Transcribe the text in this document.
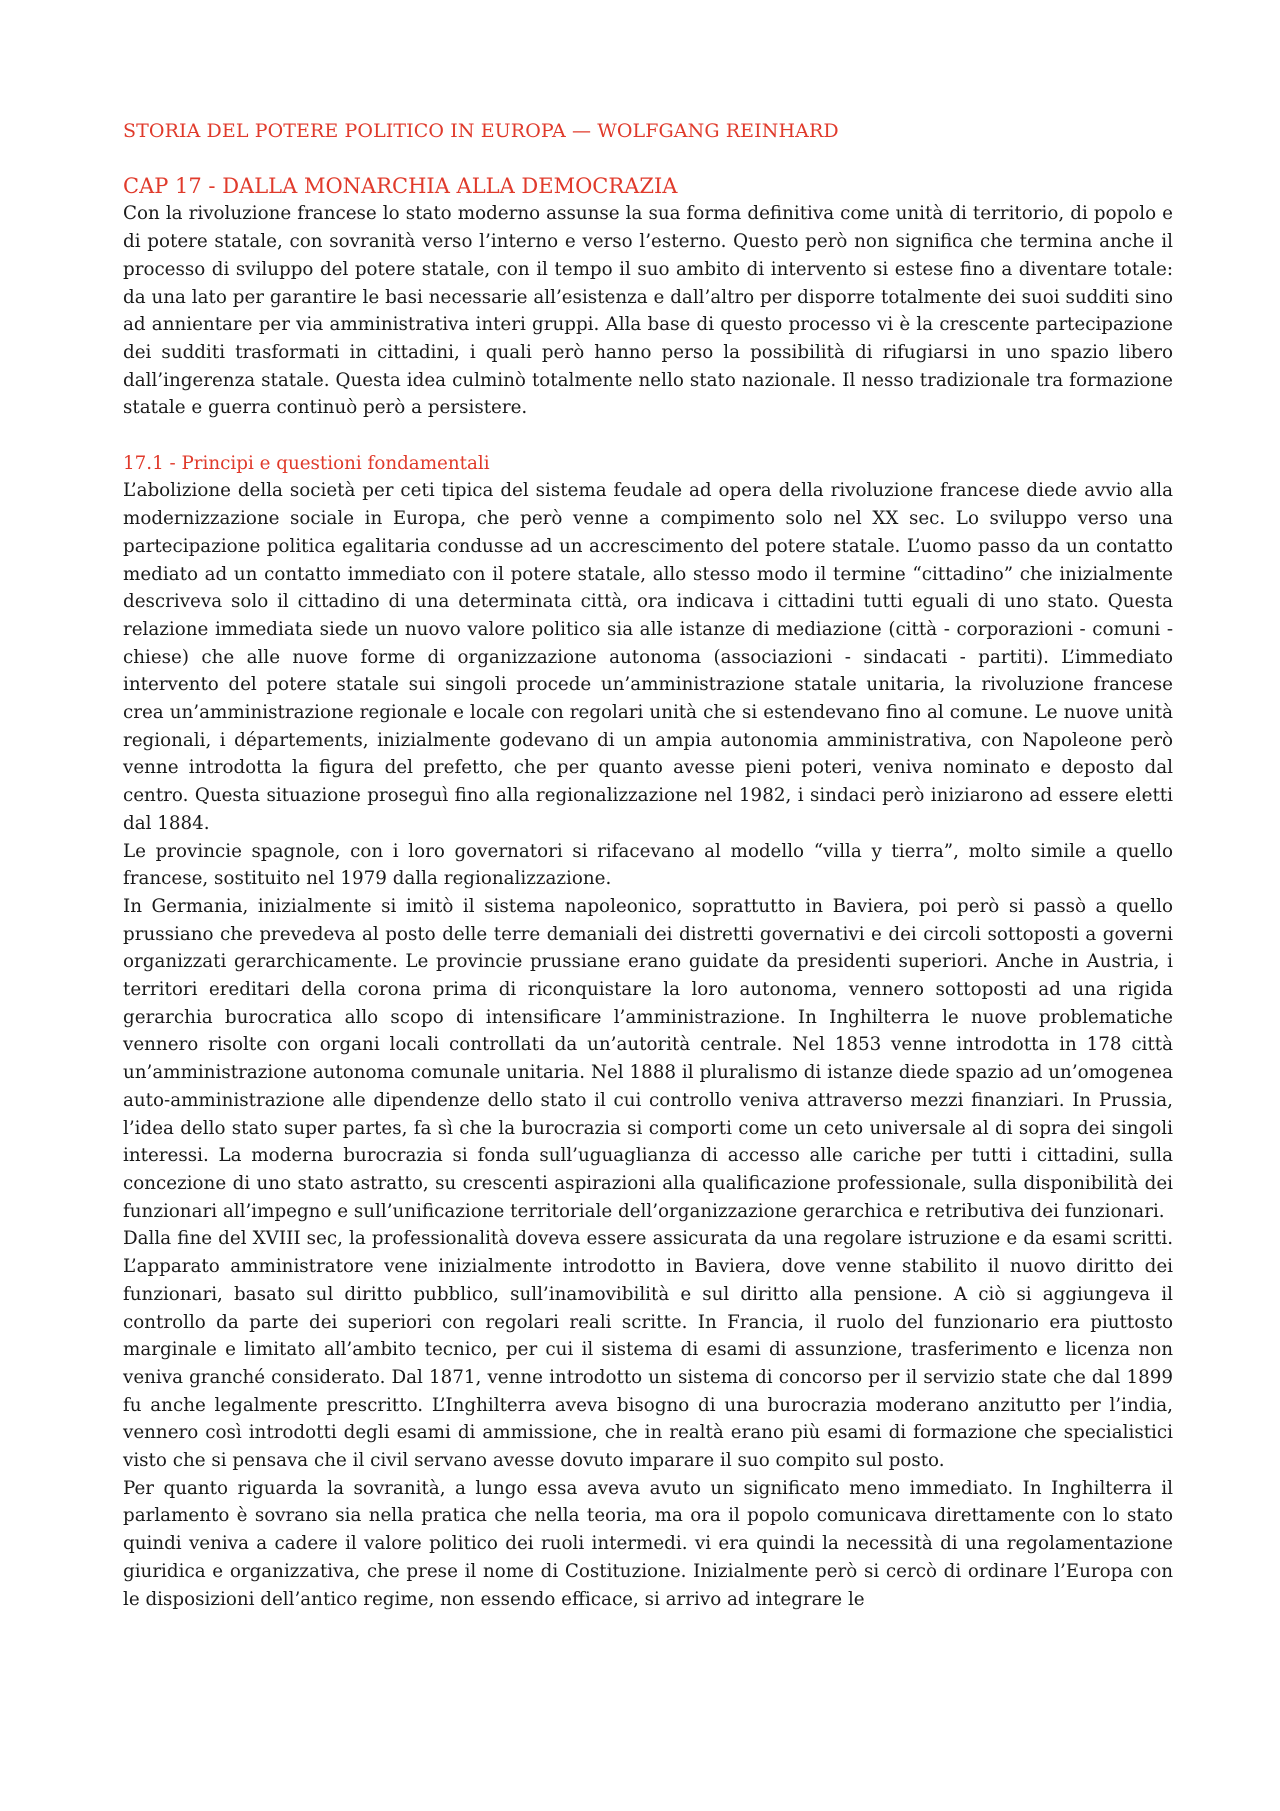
STORIA DEL POTERE POLITICO IN EUROPA — WOLFGANG REINHARD

CAP 17 - DALLA MONARCHIA ALLA DEMOCRAZIA

Con la rivoluzione francese lo stato moderno assunse la sua forma definitiva come unità di territorio, di popolo e di potere statale, con sovranità verso l’interno e verso l’esterno. Questo però non significa che termina anche il processo di sviluppo del potere statale, con il tempo il suo ambito di intervento si estese fino a diventare totale: da una lato per garantire le basi necessarie all’esistenza e dall’altro per disporre totalmente dei suoi sudditi sino ad annientare per via amministrativa interi gruppi. Alla base di questo processo vi è la crescente partecipazione dei sudditi trasformati in cittadini, i quali però hanno perso la possibilità di rifugiarsi in uno spazio libero dall’ingerenza statale. Questa idea culminò totalmente nello stato nazionale. Il nesso tradizionale tra formazione statale e guerra continuò però a persistere.

17.1 - Principi e questioni fondamentali

L’abolizione della società per ceti tipica del sistema feudale ad opera della rivoluzione francese diede avvio alla modernizzazione sociale in Europa, che però venne a compimento solo nel XX sec. Lo sviluppo verso una partecipazione politica egalitaria condusse ad un accrescimento del potere statale. L’uomo passo da un contatto mediato ad un contatto immediato con il potere statale, allo stesso modo il termine “cittadino” che inizialmente descriveva solo il cittadino di una determinata città, ora indicava i cittadini tutti eguali di uno stato. Questa relazione immediata siede un nuovo valore politico sia alle istanze di mediazione (città - corporazioni - comuni - chiese) che alle nuove forme di organizzazione autonoma (associazioni - sindacati - partiti). L’immediato intervento del potere statale sui singoli procede un’amministrazione statale unitaria, la rivoluzione francese crea un’amministrazione regionale e locale con regolari unità che si estendevano fino al comune. Le nuove unità regionali, i départements, inizialmente godevano di un ampia autonomia amministrativa, con Napoleone però venne introdotta la figura del prefetto, che per quanto avesse pieni poteri, veniva nominato e deposto dal centro. Questa situazione proseguì fino alla regionalizzazione nel 1982, i sindaci però iniziarono ad essere eletti dal 1884.

Le provincie spagnole, con i loro governatori si rifacevano al modello “villa y tierra”, molto simile a quello francese, sostituito nel 1979 dalla regionalizzazione.

In Germania, inizialmente si imitò il sistema napoleonico, soprattutto in Baviera, poi però si passò a quello prussiano che prevedeva al posto delle terre demaniali dei distretti governativi e dei circoli sottoposti a governi organizzati gerarchicamente. Le provincie prussiane erano guidate da presidenti superiori. Anche in Austria, i territori ereditari della corona prima di riconquistare la loro autonoma, vennero sottoposti ad una rigida gerarchia burocratica allo scopo di intensificare l’amministrazione. In Inghilterra le nuove problematiche vennero risolte con organi locali controllati da un’autorità centrale. Nel 1853 venne introdotta in 178 città un’amministrazione autonoma comunale unitaria. Nel 1888 il pluralismo di istanze diede spazio ad un’omogenea auto-amministrazione alle dipendenze dello stato il cui controllo veniva attraverso mezzi finanziari. In Prussia, l’idea dello stato super partes, fa sì che la burocrazia si comporti come un ceto universale al di sopra dei singoli interessi. La moderna burocrazia si fonda sull’uguaglianza di accesso alle cariche per tutti i cittadini, sulla concezione di uno stato astratto, su crescenti aspirazioni alla qualificazione professionale, sulla disponibilità dei funzionari all’impegno e sull’unificazione territoriale dell’organizzazione gerarchica e retributiva dei funzionari.

Dalla fine del XVIII sec, la professionalità doveva essere assicurata da una regolare istruzione e da esami scritti. L’apparato amministratore vene inizialmente introdotto in Baviera, dove venne stabilito il nuovo diritto dei funzionari, basato sul diritto pubblico, sull’inamovibilità e sul diritto alla pensione. A ciò si aggiungeva il controllo da parte dei superiori con regolari reali scritte. In Francia, il ruolo del funzionario era piuttosto marginale e limitato all’ambito tecnico, per cui il sistema di esami di assunzione, trasferimento e licenza non veniva granché considerato. Dal 1871, venne introdotto un sistema di concorso per il servizio state che dal 1899 fu anche legalmente prescritto. L’Inghilterra aveva bisogno di una burocrazia moderano anzitutto per l’india, vennero così introdotti degli esami di ammissione, che in realtà erano più esami di formazione che specialistici visto che si pensava che il civil servano avesse dovuto imparare il suo compito sul posto.

Per quanto riguarda la sovranità, a lungo essa aveva avuto un significato meno immediato. In Inghilterra il parlamento è sovrano sia nella pratica che nella teoria, ma ora il popolo comunicava direttamente con lo stato quindi veniva a cadere il valore politico dei ruoli intermedi. vi era quindi la necessità di una regolamentazione giuridica e organizzativa, che prese il nome di Costituzione. Inizialmente però si cercò di ordinare l’Europa con le disposizioni dell’antico regime, non essendo efficace, si arrivo ad integrare le
